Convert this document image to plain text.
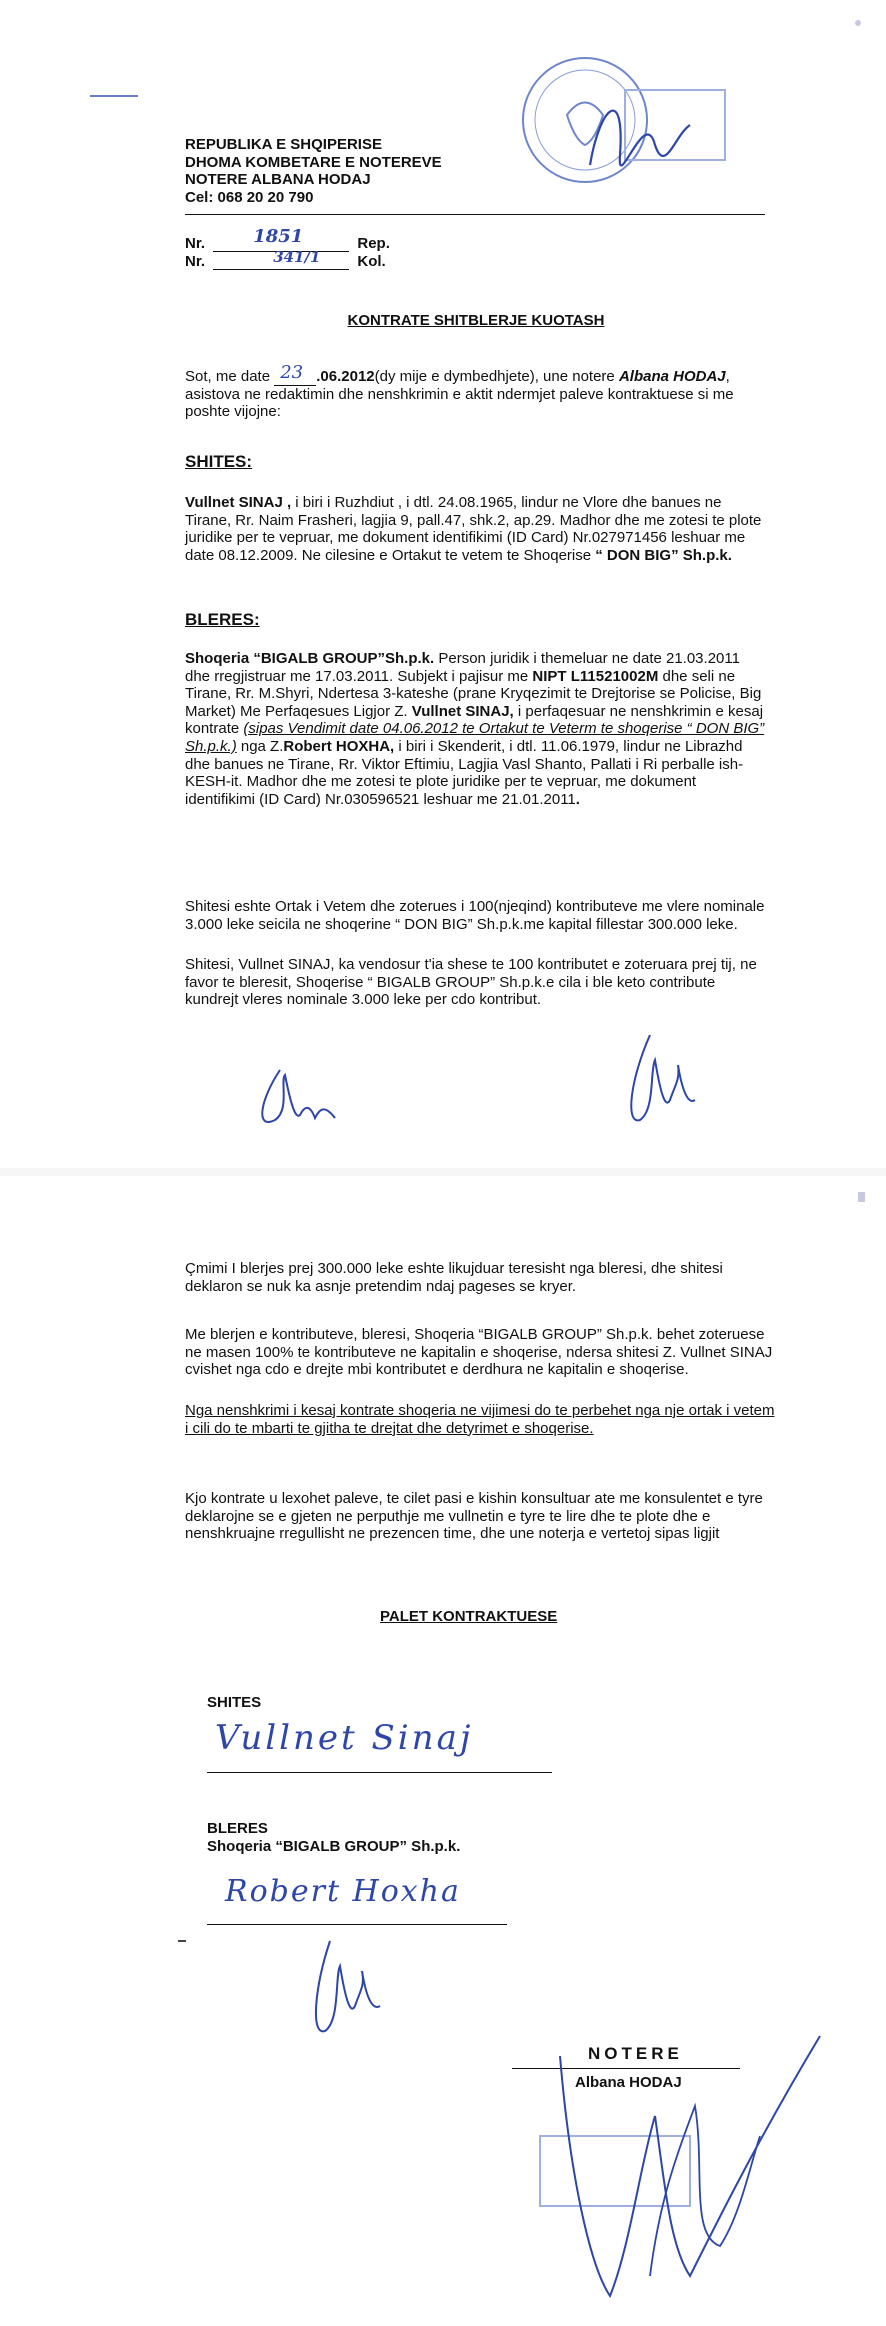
REPUBLIKA E SHQIPERISE
DHOMA KOMBETARE E NOTEREVE
NOTERE ALBANA HODAJ
Cel: 068 20 20 790
Nr.	1851	Rep.
Nr.	341/1 Kol.
KONTRATE SHITBLERJE KUOTASH

Sot, me date 23 .06.2012(dy mije e dymbedhjete), une notere Albana HODAJ, asistova ne redaktimin dhe nenshkrimin e aktit ndermjet paleve kontraktuese si me poshte vijojne:

SHITES:

Vullnet SINAJ , i biri i Ruzhdiut , i dtl. 24.08.1965, lindur ne Vlore dhe banues ne Tirane, Rr. Naim Frasheri, lagjia 9, pall.47, shk.2, ap.29. Madhor dhe me zotesi te plote juridike per te vepruar, me dokument identifikimi (ID Card) Nr.027971456 leshuar me date 08.12.2009. Ne cilesine e Ortakut te vetem te Shoqerise “ DON BIG” Sh.p.k.

BLERES:

Shoqeria “BIGALB GROUP”Sh.p.k. Person juridik i themeluar ne date 21.03.2011 dhe rregjistruar me 17.03.2011. Subjekt i pajisur me NIPT L11521002M dhe seli ne Tirane, Rr. M.Shyri, Ndertesa 3-kateshe (prane Kryqezimit te Drejtorise se Policise, Big Market) Me Perfaqesues Ligjor Z. Vullnet SINAJ, i perfaqesuar ne nenshkrimin e kesaj kontrate (sipas Vendimit date 04.06.2012 te Ortakut te Veterm te shoqerise “ DON BIG” Sh.p.k.) nga Z.Robert HOXHA, i biri i Skenderit, i dtl. 11.06.1979, lindur ne Librazhd dhe banues ne Tirane, Rr. Viktor Eftimiu, Lagjia Vasl Shanto, Pallati i Ri perballe ish-KESH-it. Madhor dhe me zotesi te plote juridike per te vepruar, me dokument identifikimi (ID Card) Nr.030596521 leshuar me 21.01.2011.

Shitesi eshte Ortak i Vetem dhe zoterues i 100(njeqind) kontributeve me vlere nominale 3.000 leke seicila ne shoqerine “ DON BIG” Sh.p.k.me kapital fillestar 300.000 leke.

Shitesi, Vullnet SINAJ, ka vendosur t'ia shese te 100 kontributet e zoteruara prej tij, ne favor te bleresit, Shoqerise “ BIGALB GROUP” Sh.p.k.e cila i ble keto contribute kundrejt vleres nominale 3.000 leke per cdo kontribut.

Çmimi I blerjes prej 300.000 leke eshte likujduar teresisht nga bleresi, dhe shitesi deklaron se nuk ka asnje pretendim ndaj pageses se kryer.

Me blerjen e kontributeve, bleresi, Shoqeria “BIGALB GROUP” Sh.p.k. behet zoteruese ne masen 100% te kontributeve ne kapitalin e shoqerise, ndersa shitesi Z. Vullnet SINAJ cvishet nga cdo e drejte mbi kontributet e derdhura ne kapitalin e shoqerise.

Nga nenshkrimi i kesaj kontrate shoqeria ne vijimesi do te perbehet nga nje ortak i vetem i cili do te mbarti te gjitha te drejtat dhe detyrimet e shoqerise.

Kjo kontrate u lexohet paleve, te cilet pasi e kishin konsultuar ate me konsulentet e tyre deklarojne se e gjeten ne perputhje me vullnetin e tyre te lire dhe te plote dhe e nenshkruajne rregullisht ne prezencen time, dhe une noterja e vertetoj sipas ligjit

PALET KONTRAKTUESE
SHITES
Vullnet Sinaj
BLERES
Shoqeria “BIGALB GROUP” Sh.p.k.
Robert Hoxha
NOTERE
Albana HODAJ
